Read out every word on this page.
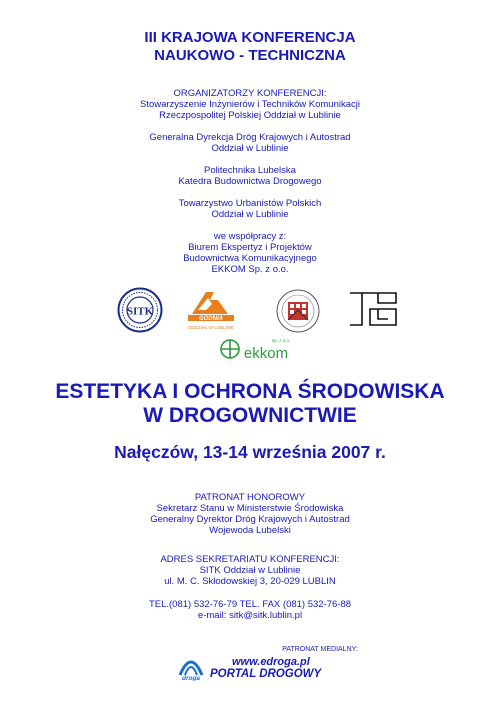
III KRAJOWA KONFERENCJA
NAUKOWO - TECHNICZNA
ORGANIZATORZY KONFERENCJI:
Stowarzyszenie Inżynierów i Techników Komunikacji
Rzeczpospolitej Polskiej Oddział w Lublinie
Generalna Dyrekcja Dróg Krajowych i Autostrad
Oddział w Lublinie
Politechnika Lubelska
Katedra Budownictwa Drogowego
Towarzystwo Urbanistów Polskich
Oddział w Lublinie
we współpracy z:
Biurem Ekspertyz i Projektów
Budownictwa Komunikacyjnego
EKKOM Sp. z o.o.
SITK
GODNIA
ODDZIAŁ W LUBLINIE
sp. z o.o.
ekkom
ESTETYKA I OCHRONA ŚRODOWISKA
W DROGOWNICTWIE
Nałęczów, 13-14 września 2007 r.
PATRONAT HONOROWY
Sekretarz Stanu w Ministerstwie Środowiska
Generalny Dyrektor Dróg Krajowych i Autostrad
Wojewoda Lubelski
ADRES SEKRETARIATU KONFERENCJI:
SITK Oddział w Lublinie
ul. M. C. Skłodowskiej 3, 20-029 LUBLIN
TEL.(081) 532-76-79 TEL. FAX (081) 532-76-88
e-mail: sitk@sitk.lublin.pl
PATRONAT MEDIALNY:
www.edroga.pl
droga PORTAL DROGOWY
